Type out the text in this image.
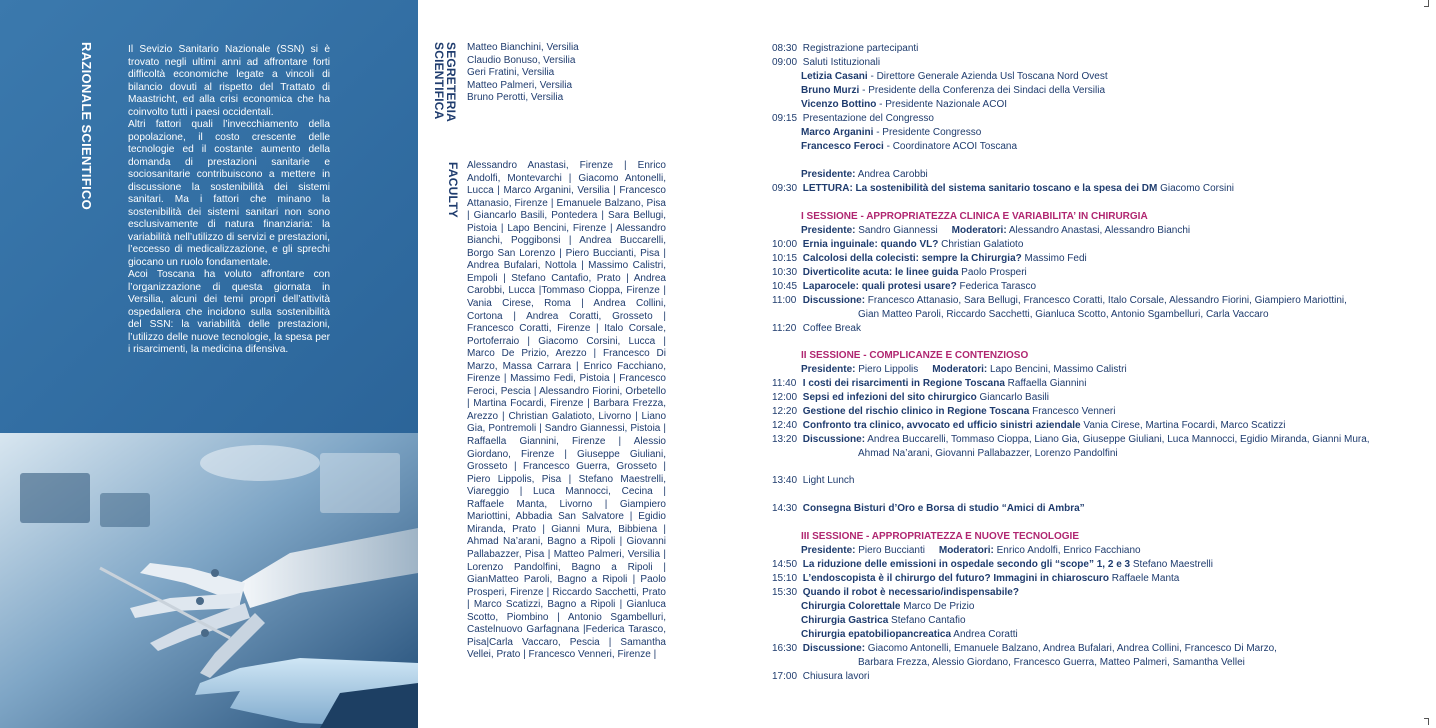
RAZIONALE SCIENTIFICO	Il Sevizio Sanitario Nazionale (SSN) si è trovato negli ultimi anni ad affrontare forti difficoltà economiche legate a vincoli di bilancio dovuti al rispetto del Trattato di Maastricht, ed alla crisi economica che ha coinvolto tutti i paesi occidentali.

Altri fattori quali l’invecchiamento della popolazione, il costo crescente delle tecnologie ed il costante aumento della domanda di prestazioni sanitarie e sociosanitarie contribuiscono a mettere in discussione la sostenibilità dei sistemi sanitari. Ma i fattori che minano la sostenibilità dei sistemi sanitari non sono esclusivamente di natura finanziaria: la variabilità nell’utilizzo di servizi e prestazioni, l’eccesso di medicalizzazione, e gli sprechi giocano un ruolo fondamentale.

Acoi Toscana ha voluto affrontare con l’organizzazione di questa giornata in Versilia, alcuni dei temi propri dell’attività ospedaliera che incidono sulla sostenibilità del SSN: la variabilità delle prestazioni, l’utilizzo delle nuove tecnologie, la spesa per i risarcimenti, la medicina difensiva.

SEGRETERIA
SCIENTIFICA Matteo Bianchini, Versilia
Claudio Bonuso, Versilia
Geri Fratini, Versilia
Matteo Palmeri, Versilia
Bruno Perotti, Versilia
FACULTY Alessandro Anastasi, Firenze | Enrico Andolfi, Montevarchi | Giacomo Antonelli, Lucca | Marco Arganini, Versilia | Francesco Attanasio, Firenze | Emanuele Balzano, Pisa | Giancarlo Basili, Pontedera | Sara Bellugi, Pistoia | Lapo Bencini, Firenze | Alessandro Bianchi, Poggibonsi | Andrea Buccarelli, Borgo San Lorenzo | Piero Buccianti, Pisa | Andrea Bufalari, Nottola | Massimo Calistri, Empoli | Stefano Cantafio, Prato | Andrea Carobbi, Lucca |Tommaso Cioppa, Firenze | Vania Cirese, Roma | Andrea Collini, Cortona | Andrea Coratti, Grosseto | Francesco Coratti, Firenze | Italo Corsale, Portoferraio | Giacomo Corsini, Lucca | Marco De Prizio, Arezzo | Francesco Di Marzo, Massa Carrara | Enrico Facchiano, Firenze | Massimo Fedi, Pistoia | Francesco Feroci, Pescia | Alessandro Fiorini, Orbetello | Martina Focardi, Firenze | Barbara Frezza, Arezzo | Christian Galatioto, Livorno | Liano Gia, Pontremoli | Sandro Giannessi, Pistoia | Raffaella Giannini, Firenze | Alessio Giordano, Firenze | Giuseppe Giuliani, Grosseto | Francesco Guerra, Grosseto | Piero Lippolis, Pisa | Stefano Maestrelli, Viareggio | Luca Mannocci, Cecina | Raffaele Manta, Livorno | Giampiero Mariottini, Abbadia San Salvatore | Egidio Miranda, Prato | Gianni Mura, Bibbiena | Ahmad Na’arani, Bagno a Ripoli | Giovanni Pallabazzer, Pisa | Matteo Palmeri, Versilia | Lorenzo Pandolfini, Bagno a Ripoli | GianMatteo Paroli, Bagno a Ripoli | Paolo Prosperi, Firenze | Riccardo Sacchetti, Prato | Marco Scatizzi, Bagno a Ripoli | Gianluca Scotto, Piombino | Antonio Sgambelluri, Castelnuovo Garfagnana |Federica Tarasco, Pisa|Carla Vaccaro, Pescia | Samantha Vellei, Prato | Francesco Venneri, Firenze |
08:30 Registrazione partecipanti
09:00 Saluti Istituzionali
Letizia Casani - Direttore Generale Azienda Usl Toscana Nord Ovest
Bruno Murzi - Presidente della Conferenza dei Sindaci della Versilia
Vicenzo Bottino - Presidente Nazionale ACOI
09:15 Presentazione del Congresso
Marco Arganini - Presidente Congresso
Francesco Feroci - Coordinatore ACOI Toscana
Presidente: Andrea Carobbi
09:30 LETTURA: La sostenibilità del sistema sanitario toscano e la spesa dei DM Giacomo Corsini
I SESSIONE - APPROPRIATEZZA CLINICA E VARIABILITA’ IN CHIRURGIA
Presidente: Sandro Giannessi Moderatori: Alessandro Anastasi, Alessandro Bianchi
10:00 Ernia inguinale: quando VL? Christian Galatioto
10:15 Calcolosi della colecisti: sempre la Chirurgia? Massimo Fedi
10:30 Diverticolite acuta: le linee guida Paolo Prosperi
10:45 Laparocele: quali protesi usare? Federica Tarasco
11:00 Discussione: Francesco Attanasio, Sara Bellugi, Francesco Coratti, Italo Corsale, Alessandro Fiorini, Giampiero Mariottini,
Gian Matteo Paroli, Riccardo Sacchetti, Gianluca Scotto, Antonio Sgambelluri, Carla Vaccaro
11:20 Coffee Break
II SESSIONE - COMPLICANZE E CONTENZIOSO
Presidente: Piero Lippolis Moderatori: Lapo Bencini, Massimo Calistri
11:40 I costi dei risarcimenti in Regione Toscana Raffaella Giannini
12:00 Sepsi ed infezioni del sito chirurgico Giancarlo Basili
12:20 Gestione del rischio clinico in Regione Toscana Francesco Venneri
12:40 Confronto tra clinico, avvocato ed ufficio sinistri aziendale Vania Cirese, Martina Focardi, Marco Scatizzi
13:20 Discussione: Andrea Buccarelli, Tommaso Cioppa, Liano Gia, Giuseppe Giuliani, Luca Mannocci, Egidio Miranda, Gianni Mura,
Ahmad Na’arani, Giovanni Pallabazzer, Lorenzo Pandolfini
13:40 Light Lunch
14:30 Consegna Bisturi d’Oro e Borsa di studio “Amici di Ambra”
III SESSIONE - APPROPRIATEZZA E NUOVE TECNOLOGIE
Presidente: Piero Buccianti Moderatori: Enrico Andolfi, Enrico Facchiano
14:50 La riduzione delle emissioni in ospedale secondo gli “scope” 1, 2 e 3 Stefano Maestrelli
15:10 L’endoscopista è il chirurgo del futuro? Immagini in chiaroscuro Raffaele Manta
15:30 Quando il robot è necessario/indispensabile?
Chirurgia Colorettale Marco De Prizio
Chirurgia Gastrica Stefano Cantafio
Chirurgia epatobiliopancreatica Andrea Coratti
16:30 Discussione: Giacomo Antonelli, Emanuele Balzano, Andrea Bufalari, Andrea Collini, Francesco Di Marzo,
Barbara Frezza, Alessio Giordano, Francesco Guerra, Matteo Palmeri, Samantha Vellei
17:00 Chiusura lavori
